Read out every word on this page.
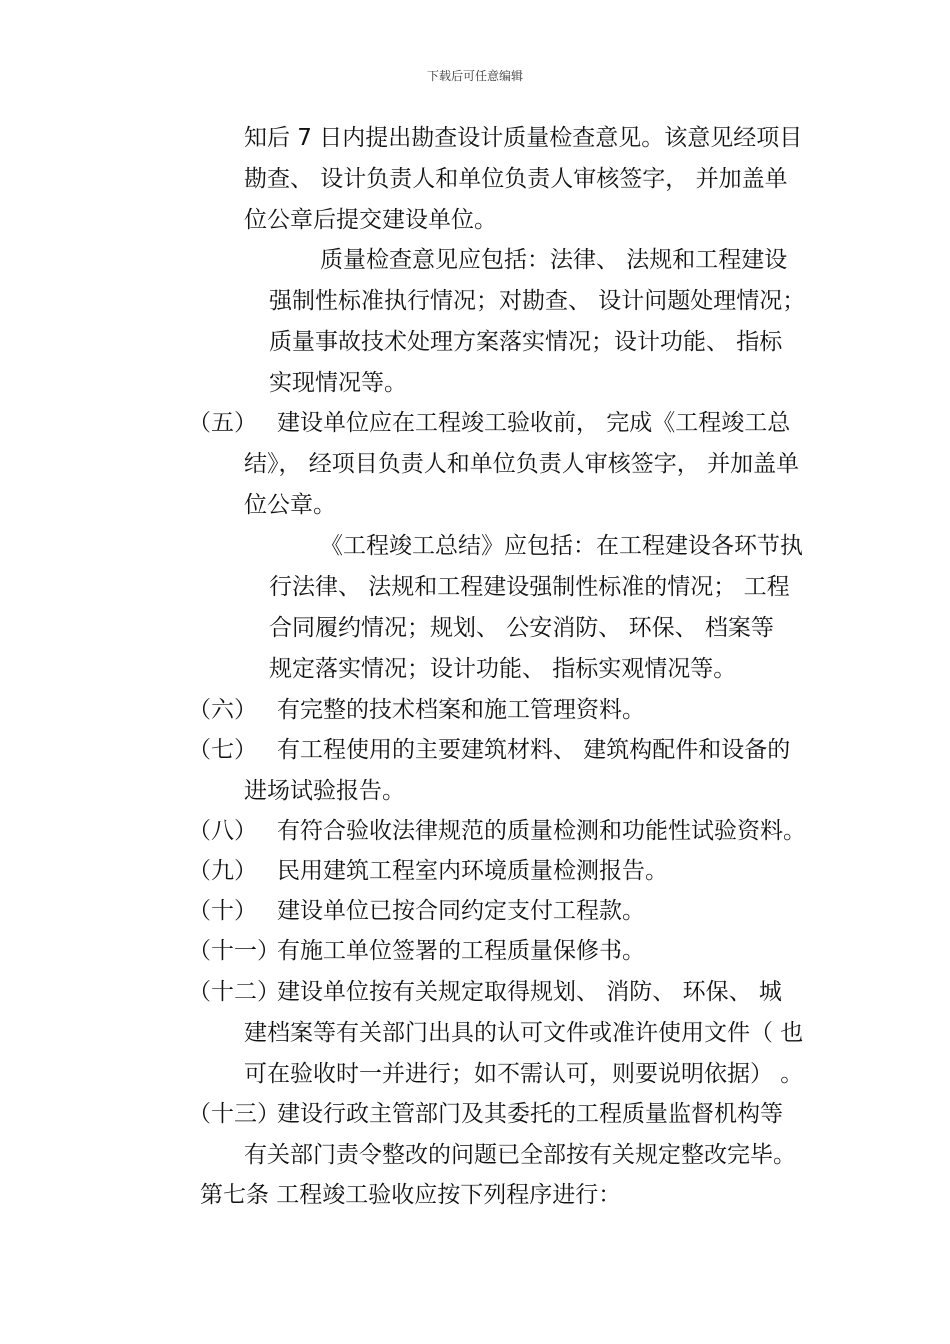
下载后可任意编辑
知后 7 日内提出勘查设计质量检查意见。该意见经项目
勘查、 设计负责人和单位负责人审核签字， 并加盖单
位公章后提交建设单位。
质量检查意见应包括：法律、 法规和工程建设
强制性标准执行情况；对勘查、 设计问题处理情况；
质量事故技术处理方案落实情况；设计功能、 指标
实现情况等。
（五） 建设单位应在工程竣工验收前， 完成《工程竣工总
结》， 经项目负责人和单位负责人审核签字， 并加盖单
位公章。
《工程竣工总结》应包括：在工程建设各环节执
行法律、 法规和工程建设强制性标准的情况； 工程
合同履约情况；规划、 公安消防、 环保、 档案等
规定落实情况；设计功能、 指标实观情况等。
（六） 有完整的技术档案和施工管理资料。
（七） 有工程使用的主要建筑材料、 建筑构配件和设备的
进场试验报告。
（八） 有符合验收法律规范的质量检测和功能性试验资料。
（九） 民用建筑工程室内环境质量检测报告。
（十） 建设单位已按合同约定支付工程款。
（十一）
有施工单位签署的工程质量保修书。
（十二）
建设单位按有关规定取得规划、 消防、 环保、 城
建档案等有关部门出具的认可文件或准许使用文件（ 也
可在验收时一并进行；如不需认可，则要说明依据） 。
（十三）
建设行政主管部门及其委托的工程质量监督机构等
有关部门责令整改的问题已全部按有关规定整改完毕。
第七条 工程竣工验收应按下列程序进行：
